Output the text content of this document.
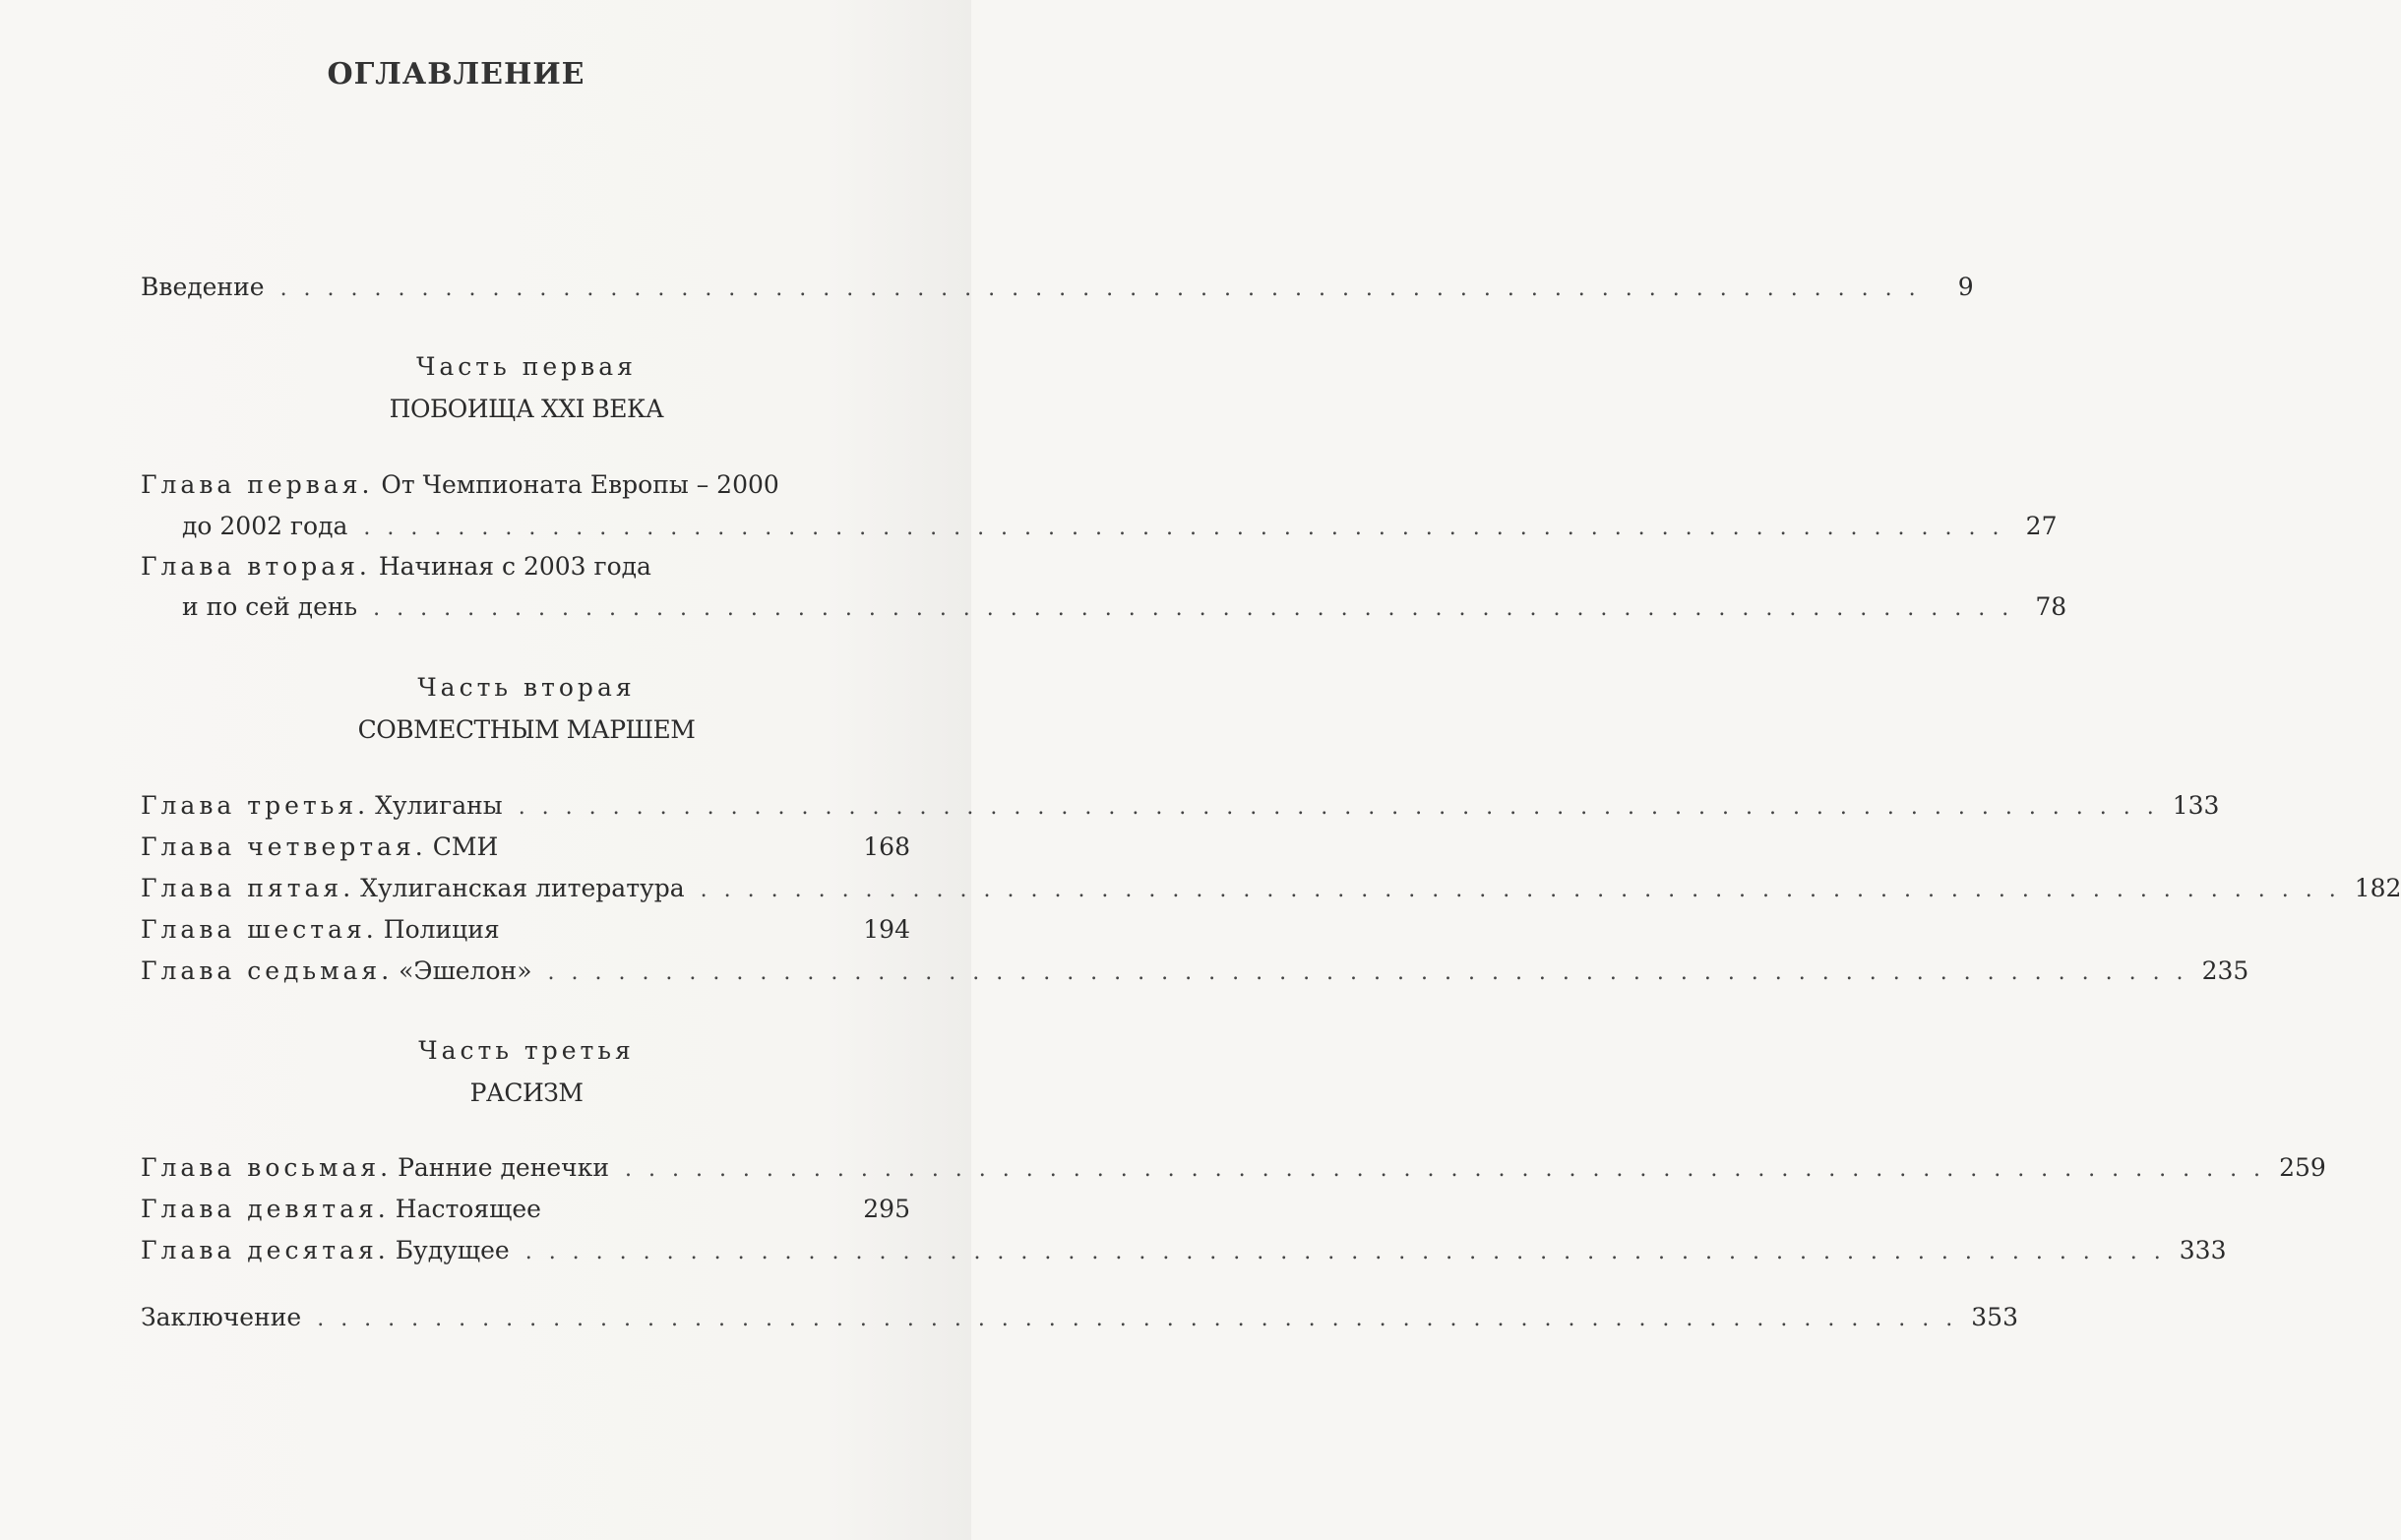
ОГЛАВЛЕНИЕ
Введение . . . . . . . . . . . . . . . . . . . . . . . . . . . . . . . . . . . . . . . . . . . . . . . . . . . . . . . . . . . . . . . . . . . . . .	9
Часть первая
ПОБОИЩА XXI ВЕКА
Глава первая. От Чемпионата Европы – 2000
до 2002 года . . . . . . . . . . . . . . . . . . . . . . . . . . . . . . . . . . . . . . . . . . . . . . . . . . . . . . . . . . . . . . . . . . . . . . 27
Глава вторая. Начиная с 2003 года
и по сей день . . . . . . . . . . . . . . . . . . . . . . . . . . . . . . . . . . . . . . . . . . . . . . . . . . . . . . . . . . . . . . . . . . . . . . 78
Часть вторая
СОВМЕСТНЫМ МАРШЕМ
Глава третья. Хулиганы . . . . . . . . . . . . . . . . . . . . . . . . . . . . . . . . . . . . . . . . . . . . . . . . . . . . . . . . . . . . . . . . . . . . . . 133
Глава четвертая. СМИ	168
Глава пятая. Хулиганская литература . . . . . . . . . . . . . . . . . . . . . . . . . . . . . . . . . . . . . . . . . . . . . . . . . . . . . . . . . . . . . . . . . . . . . . 182
Глава шестая. Полиция	194
Глава седьмая. «Эшелон» . . . . . . . . . . . . . . . . . . . . . . . . . . . . . . . . . . . . . . . . . . . . . . . . . . . . . . . . . . . . . . . . . . . . . . 235
Часть третья
РАСИЗМ
Глава восьмая. Ранние денечки . . . . . . . . . . . . . . . . . . . . . . . . . . . . . . . . . . . . . . . . . . . . . . . . . . . . . . . . . . . . . . . . . . . . . . 259
Глава девятая. Настоящее	295
Глава десятая. Будущее . . . . . . . . . . . . . . . . . . . . . . . . . . . . . . . . . . . . . . . . . . . . . . . . . . . . . . . . . . . . . . . . . . . . . . 333
Заключение . . . . . . . . . . . . . . . . . . . . . . . . . . . . . . . . . . . . . . . . . . . . . . . . . . . . . . . . . . . . . . . . . . . . . . 353
